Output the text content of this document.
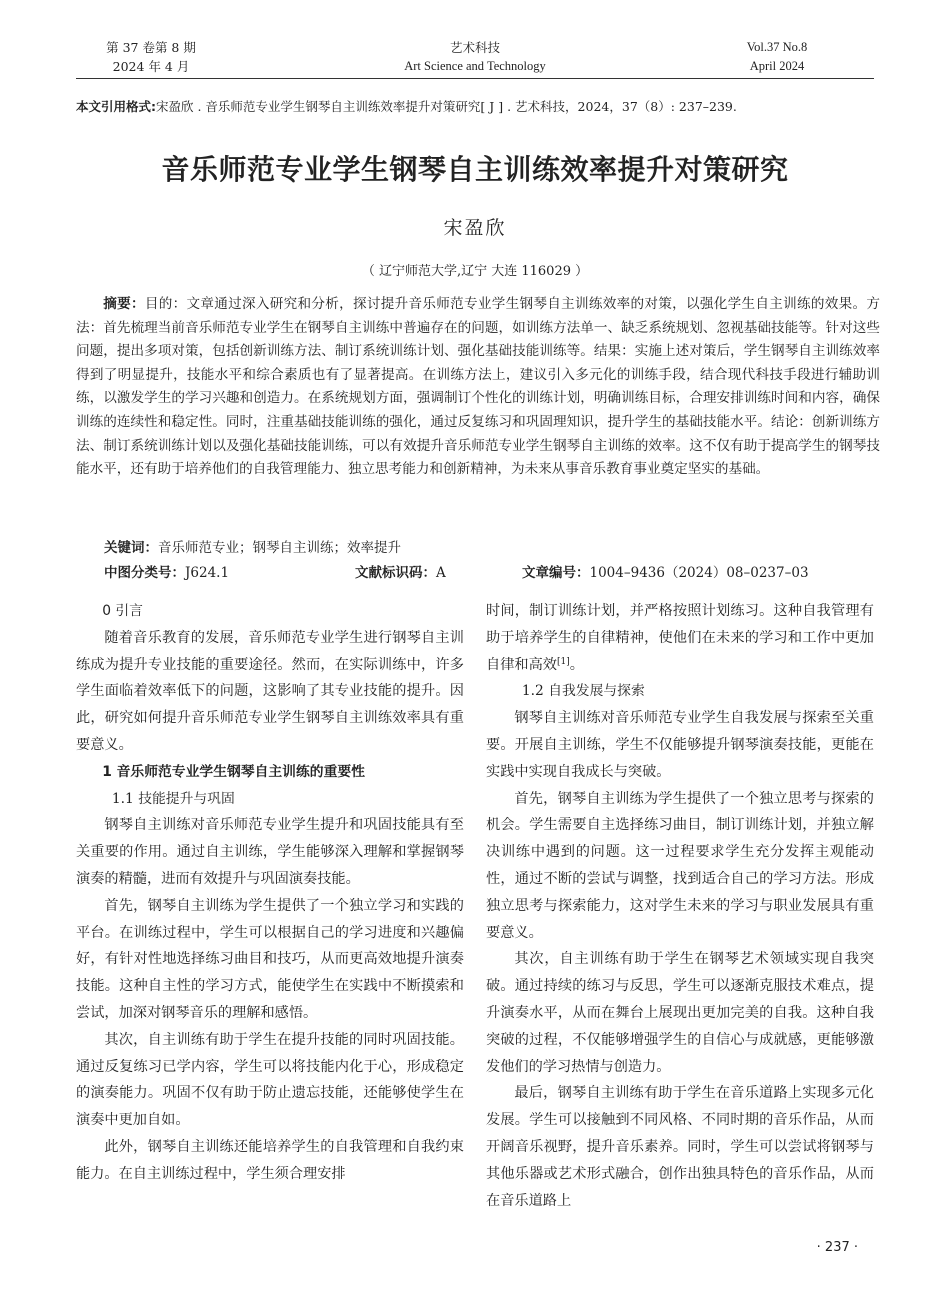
第 37 卷第 8 期
2024 年 4 月
艺术科技
Art Science and Technology
Vol.37 No.8
April 2024
本文引用格式:宋盈欣 . 音乐师范专业学生钢琴自主训练效率提升对策研究[ J ] . 艺术科技，2024，37（8）: 237–239.
音乐师范专业学生钢琴自主训练效率提升对策研究
宋盈欣
（ 辽宁师范大学,辽宁 大连 116029 ）
摘要：目的：文章通过深入研究和分析，探讨提升音乐师范专业学生钢琴自主训练效率的对策，以强化学生自主训练的效果。方法：首先梳理当前音乐师范专业学生在钢琴自主训练中普遍存在的问题，如训练方法单一、缺乏系统规划、忽视基础技能等。针对这些问题，提出多项对策，包括创新训练方法、制订系统训练计划、强化基础技能训练等。结果：实施上述对策后，学生钢琴自主训练效率得到了明显提升，技能水平和综合素质也有了显著提高。在训练方法上，建议引入多元化的训练手段，结合现代科技手段进行辅助训练，以激发学生的学习兴趣和创造力。在系统规划方面，强调制订个性化的训练计划，明确训练目标，合理安排训练时间和内容，确保训练的连续性和稳定性。同时，注重基础技能训练的强化，通过反复练习和巩固理知识，提升学生的基础技能水平。结论：创新训练方法、制订系统训练计划以及强化基础技能训练，可以有效提升音乐师范专业学生钢琴自主训练的效率。这不仅有助于提高学生的钢琴技能水平，还有助于培养他们的自我管理能力、独立思考能力和创新精神，为未来从事音乐教育事业奠定坚实的基础。
关键词：音乐师范专业；钢琴自主训练；效率提升
中图分类号：J624.1	文献标识码：A	文章编号：1004–9436（2024）08–0237–03
0 引言

随着音乐教育的发展，音乐师范专业学生进行钢琴自主训练成为提升专业技能的重要途径。然而，在实际训练中，许多学生面临着效率低下的问题，这影响了其专业技能的提升。因此，研究如何提升音乐师范专业学生钢琴自主训练效率具有重要意义。

1 音乐师范专业学生钢琴自主训练的重要性
1.1 技能提升与巩固

钢琴自主训练对音乐师范专业学生提升和巩固技能具有至关重要的作用。通过自主训练，学生能够深入理解和掌握钢琴演奏的精髓，进而有效提升与巩固演奏技能。

首先，钢琴自主训练为学生提供了一个独立学习和实践的平台。在训练过程中，学生可以根据自己的学习进度和兴趣偏好，有针对性地选择练习曲目和技巧，从而更高效地提升演奏技能。这种自主性的学习方式，能使学生在实践中不断摸索和尝试，加深对钢琴音乐的理解和感悟。

其次，自主训练有助于学生在提升技能的同时巩固技能。通过反复练习已学内容，学生可以将技能内化于心，形成稳定的演奏能力。巩固不仅有助于防止遗忘技能，还能够使学生在演奏中更加自如。

此外，钢琴自主训练还能培养学生的自我管理和自我约束能力。在自主训练过程中，学生须合理安排

时间，制订训练计划，并严格按照计划练习。这种自我管理有助于培养学生的自律精神，使他们在未来的学习和工作中更加自律和高效[1]。

1.2 自我发展与探索

钢琴自主训练对音乐师范专业学生自我发展与探索至关重要。开展自主训练，学生不仅能够提升钢琴演奏技能，更能在实践中实现自我成长与突破。

首先，钢琴自主训练为学生提供了一个独立思考与探索的机会。学生需要自主选择练习曲目，制订训练计划，并独立解决训练中遇到的问题。这一过程要求学生充分发挥主观能动性，通过不断的尝试与调整，找到适合自己的学习方法。形成独立思考与探索能力，这对学生未来的学习与职业发展具有重要意义。

其次，自主训练有助于学生在钢琴艺术领域实现自我突破。通过持续的练习与反思，学生可以逐渐克服技术难点，提升演奏水平，从而在舞台上展现出更加完美的自我。这种自我突破的过程，不仅能够增强学生的自信心与成就感，更能够激发他们的学习热情与创造力。

最后，钢琴自主训练有助于学生在音乐道路上实现多元化发展。学生可以接触到不同风格、不同时期的音乐作品，从而开阔音乐视野，提升音乐素养。同时，学生可以尝试将钢琴与其他乐器或艺术形式融合，创作出独具特色的音乐作品，从而在音乐道路上

· 237 ·
